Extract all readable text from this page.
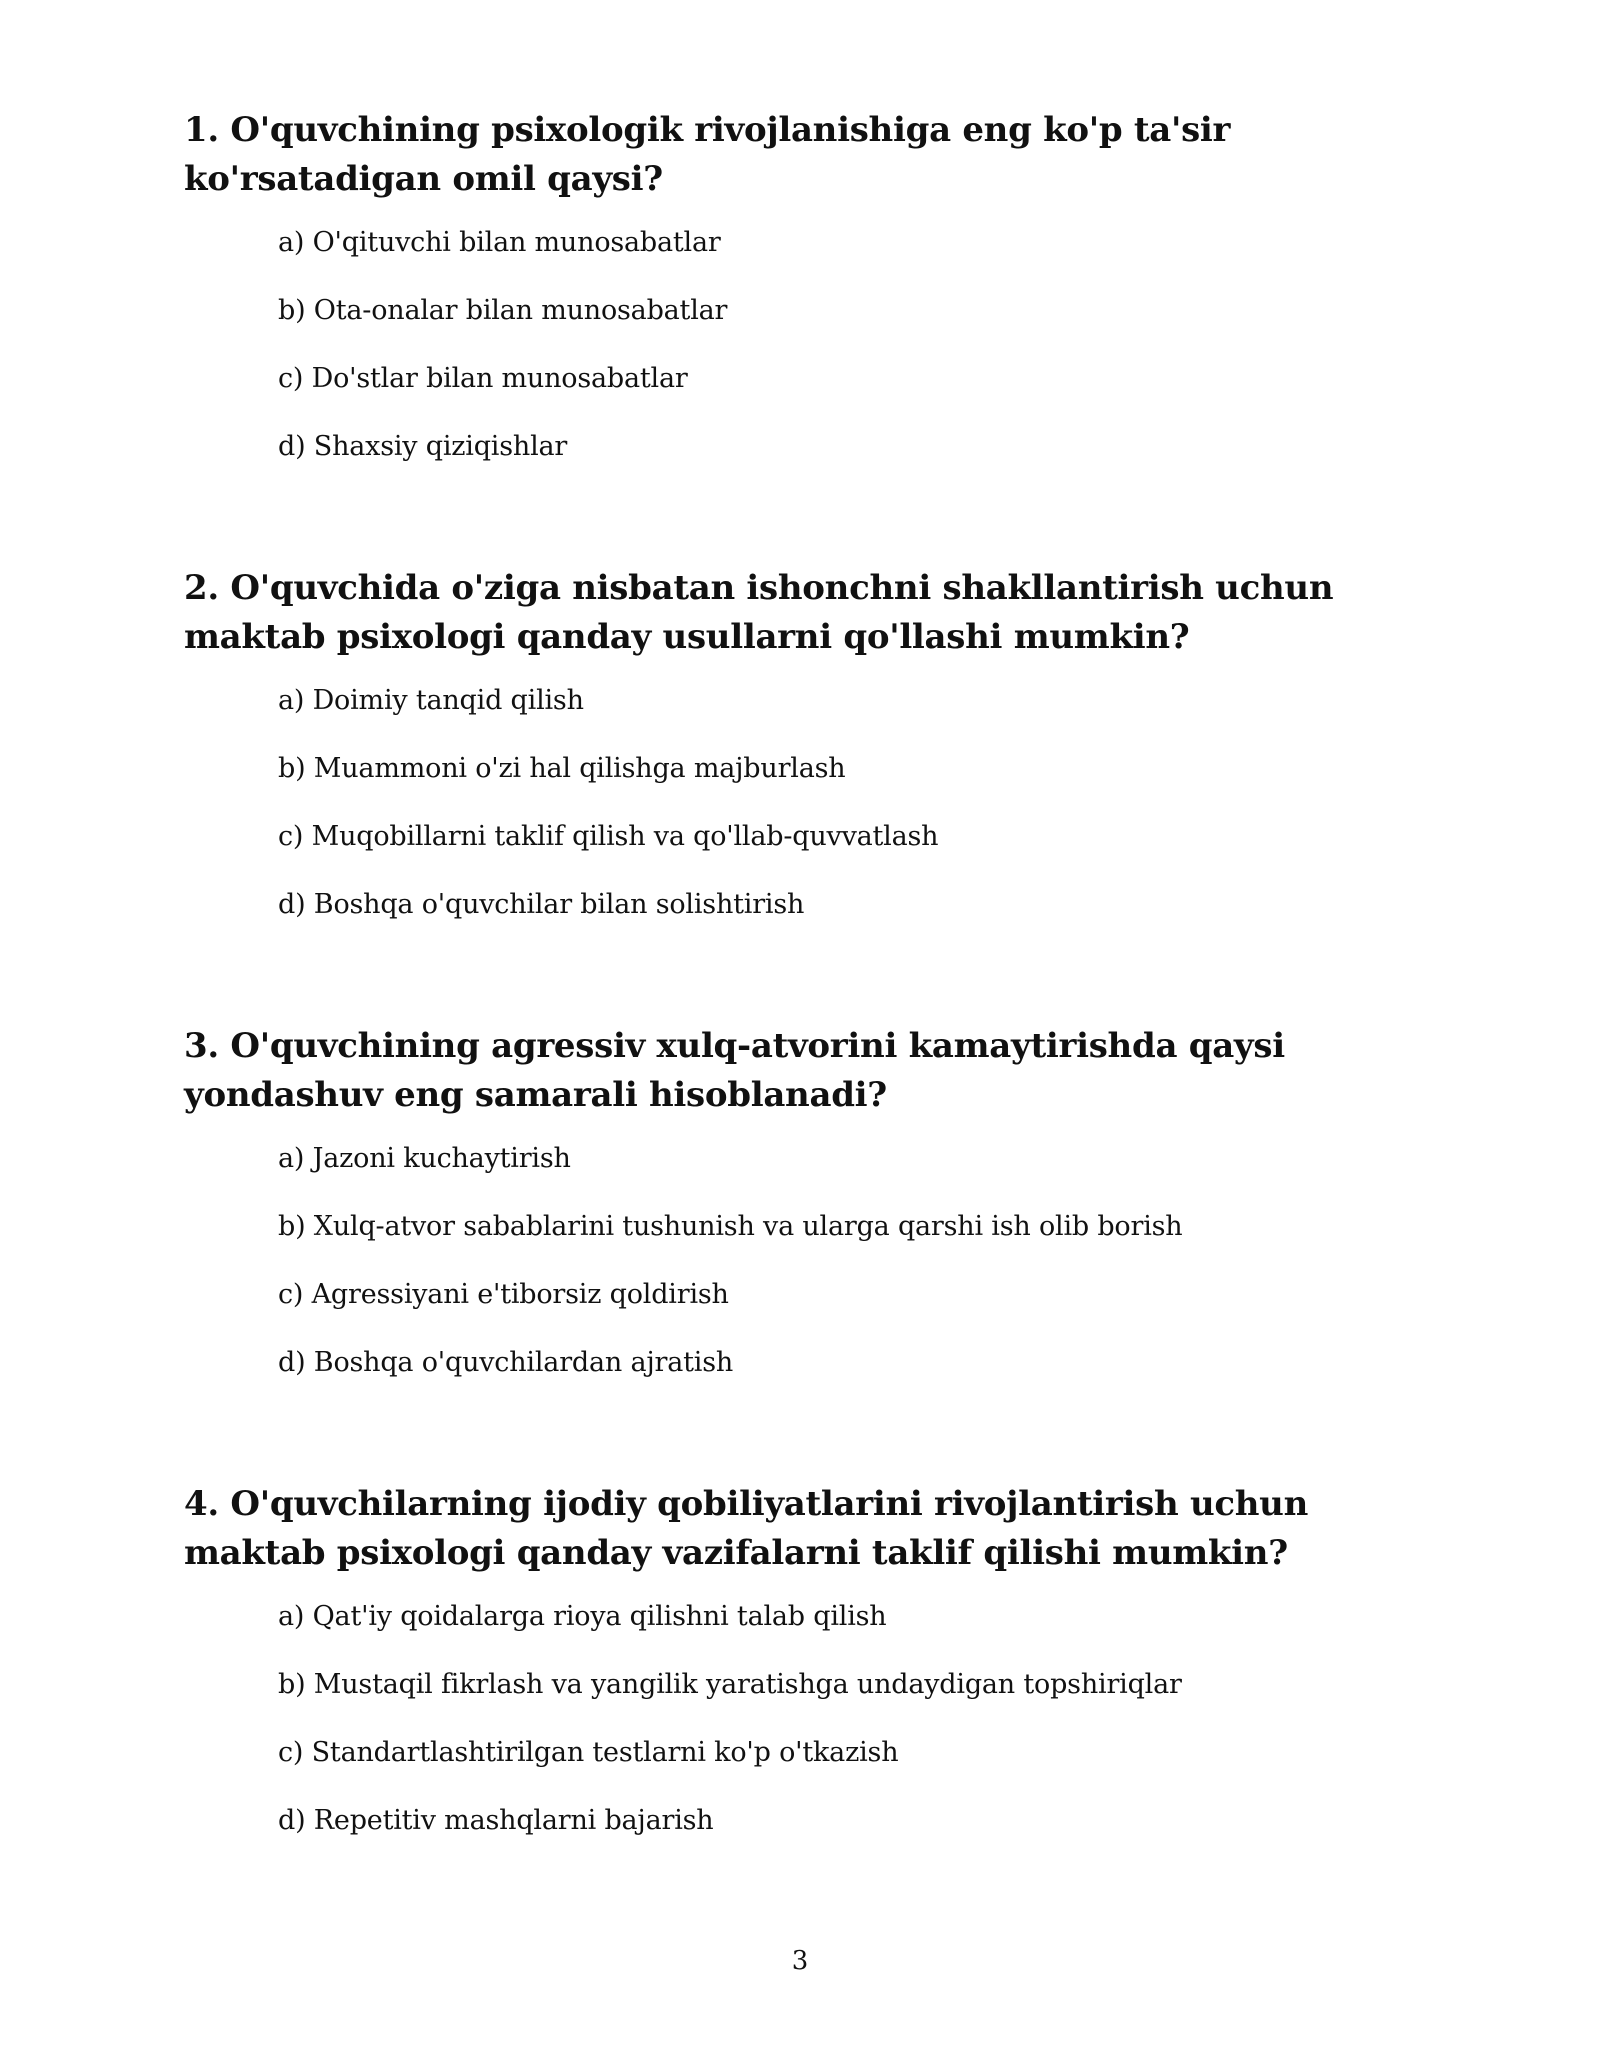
1. O'quvchining psixologik rivojlanishiga eng ko'p ta'sir ko'rsatadigan omil qaysi?
a) O'qituvchi bilan munosabatlar
b) Ota-onalar bilan munosabatlar
c) Do'stlar bilan munosabatlar
d) Shaxsiy qiziqishlar
2. O'quvchida o'ziga nisbatan ishonchni shakllantirish uchun maktab psixologi qanday usullarni qo'llashi mumkin?
a) Doimiy tanqid qilish
b) Muammoni o'zi hal qilishga majburlash
c) Muqobillarni taklif qilish va qo'llab-quvvatlash
d) Boshqa o'quvchilar bilan solishtirish
3. O'quvchining agressiv xulq-atvorini kamaytirishda qaysi yondashuv eng samarali hisoblanadi?
a) Jazoni kuchaytirish
b) Xulq-atvor sabablarini tushunish va ularga qarshi ish olib borish
c) Agressiyani e'tiborsiz qoldirish
d) Boshqa o'quvchilardan ajratish
4. O'quvchilarning ijodiy qobiliyatlarini rivojlantirish uchun maktab psixologi qanday vazifalarni taklif qilishi mumkin?
a) Qat'iy qoidalarga rioya qilishni talab qilish
b) Mustaqil fikrlash va yangilik yaratishga undaydigan topshiriqlar
c) Standartlashtirilgan testlarni ko'p o'tkazish
d) Repetitiv mashqlarni bajarish
3
